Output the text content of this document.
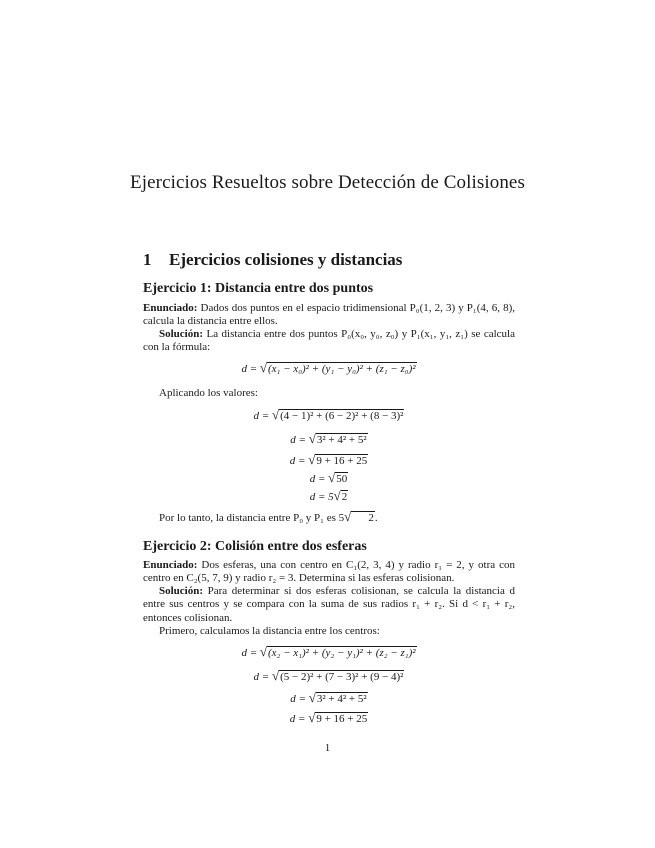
Ejercicios Resueltos sobre Detección de Colisiones
1 Ejercicios colisiones y distancias
Ejercicio 1: Distancia entre dos puntos
Enunciado: Dados dos puntos en el espacio tridimensional P₀(1, 2, 3) y P₁(4, 6, 8), calcula la distancia entre ellos.
Solución: La distancia entre dos puntos P₀(x₀, y₀, z₀) y P₁(x₁, y₁, z₁) se calcula con la fórmula:
d = √(x₁ − x₀)² + (y₁ − y₀)² + (z₁ − z₀)²
Aplicando los valores:
d = √(4 − 1)² + (6 − 2)² + (8 − 3)²
d = √3² + 4² + 5²
d = √9 + 16 + 25
d = √50
d = 5√2
Por lo tanto, la distancia entre P₀ y P₁ es 5√ 2.
Ejercicio 2: Colisión entre dos esferas
Enunciado: Dos esferas, una con centro en C₁(2, 3, 4) y radio r₁ = 2, y otra con centro en C₂(5, 7, 9) y radio r₂ = 3. Determina si las esferas colisionan.
Solución: Para determinar si dos esferas colisionan, se calcula la distancia d entre sus centros y se compara con la suma de sus radios r₁ + r₂. Si d < r₁ + r₂, entonces colisionan.
Primero, calculamos la distancia entre los centros:
d = √(x₂ − x₁)² + (y₂ − y₁)² + (z₂ − z₁)²
d = √(5 − 2)² + (7 − 3)² + (9 − 4)²
d = √3² + 4² + 5²
d = √9 + 16 + 25
1
